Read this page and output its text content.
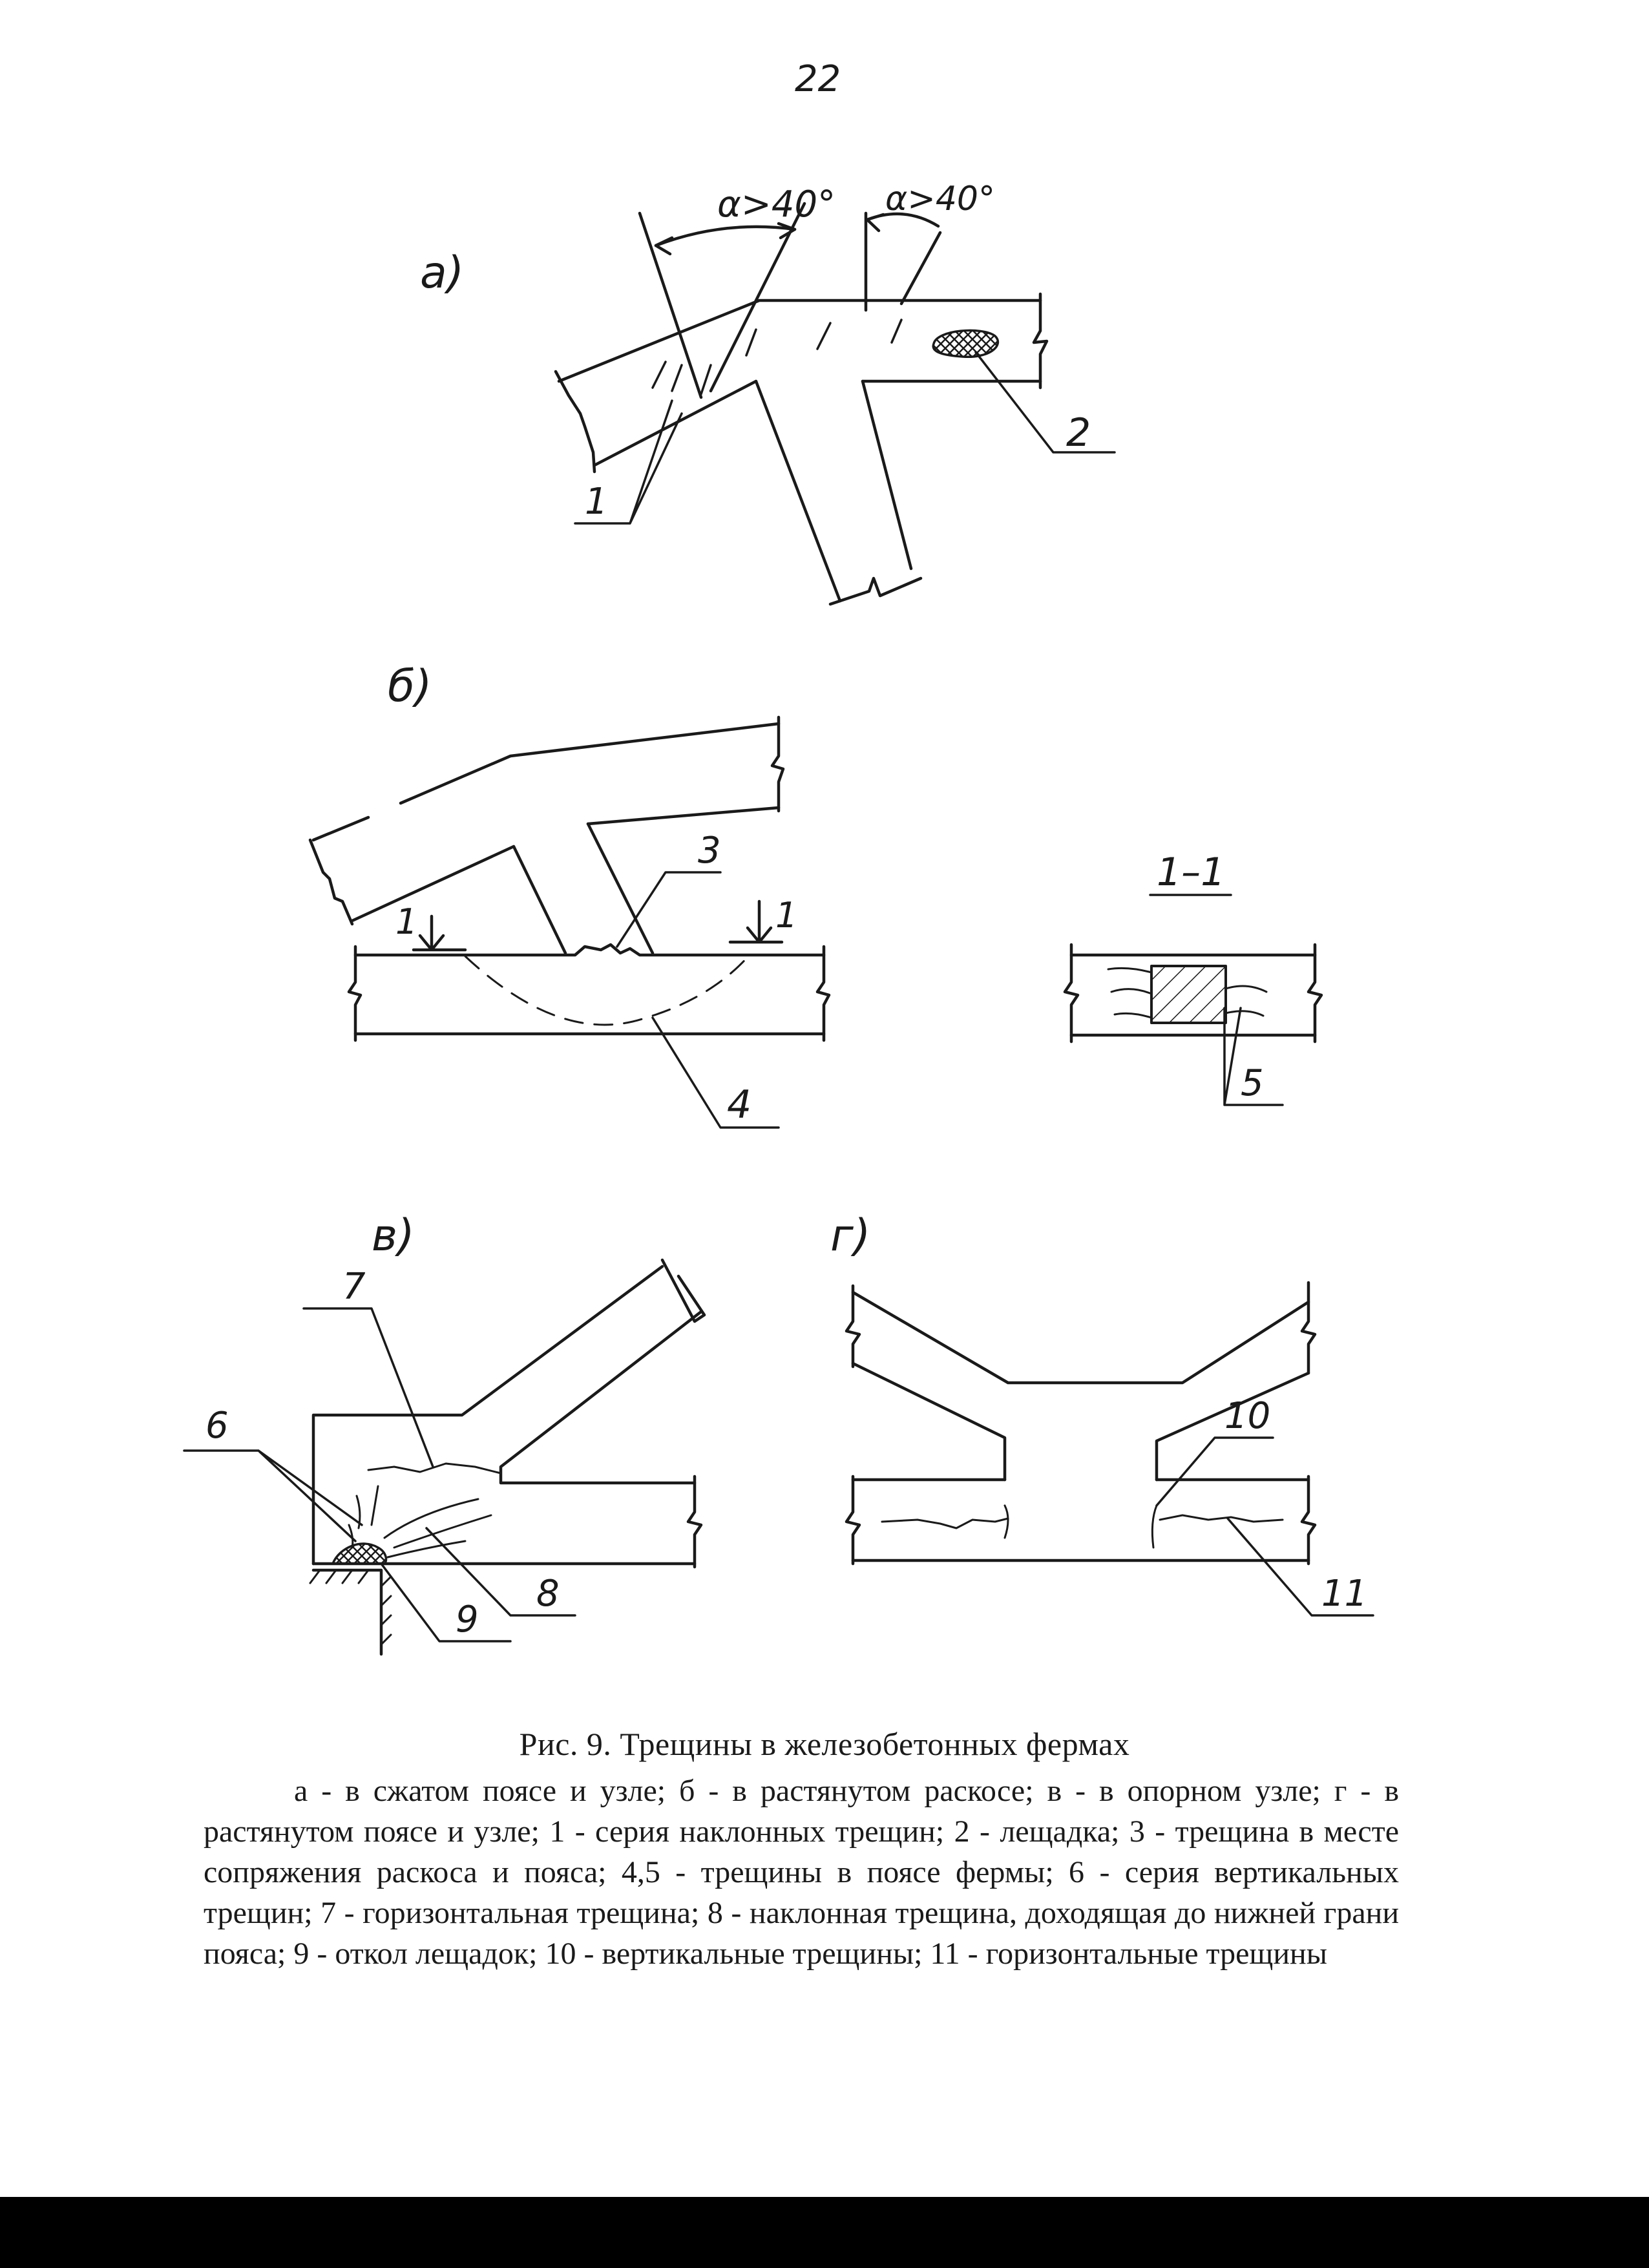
22
а)
α>40° α>40°
1
2
б)
1	1
3
4
1–1
5
в)
7
6
8
9
г)
10
11
Рис. 9. Трещины в железобетонных фермах
а - в сжатом поясе и узле; б - в растянутом раскосе; в - в опорном узле; г - в растянутом поясе и узле; 1 - серия наклонных трещин; 2 - лещадка; 3 - трещина в месте сопряжения раскоса и пояса; 4,5 - трещины в поясе фермы; 6 - серия вертикальных трещин; 7 - горизонтальная трещина; 8 - наклонная трещина, доходящая до нижней грани пояса; 9 - откол лещадок; 10 - вертикальные трещины; 11 - горизонтальные трещины
